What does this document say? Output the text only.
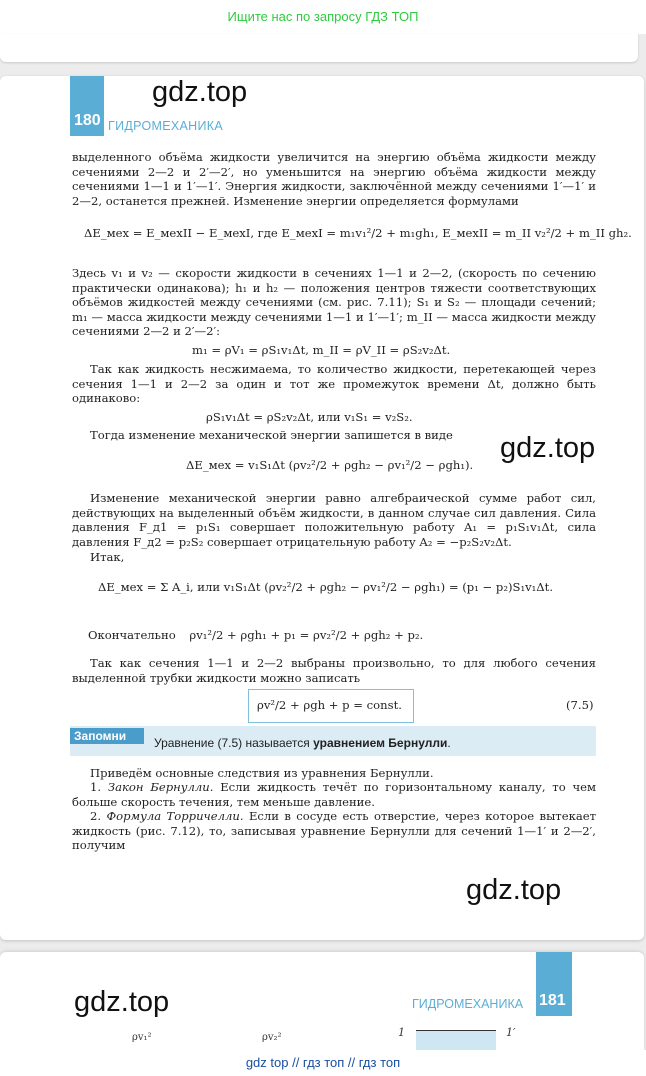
Ищите нас по запросу ГДЗ ТОП
180 ГИДРОМЕХАНИКА
gdz.top
выделенного объёма жидкости увеличится на энергию объёма жидкости между сечениями 2—2 и 2′—2′, но уменьшится на энергию объёма жидкости между сечениями 1—1 и 1′—1′. Энергия жидкости, заключённой между сечениями 1′—1′ и 2—2, останется прежней. Изменение энергии определяется формулами
ΔE_мех = E_мехII − E_мехI, где E_мехI = m₁v₁²/2 + m₁gh₁, E_мехII = m_II v₂²/2 + m_II gh₂.
Здесь v₁ и v₂ — скорости жидкости в сечениях 1—1 и 2—2, (скорость по сечению практически одинакова); h₁ и h₂ — положения центров тяжести соответствующих объёмов жидкостей между сечениями (см. рис. 7.11); S₁ и S₂ — площади сечений; m₁ — масса жидкости между сечениями 1—1 и 1′—1′; m_II — масса жидкости между сечениями 2—2 и 2′—2′:
m₁ = ρV₁ = ρS₁v₁Δt, m_II = ρV_II = ρS₂v₂Δt.
Так как жидкость несжимаема, то количество жидкости, перетекающей через сечения 1—1 и 2—2 за один и тот же промежуток времени Δt, должно быть одинаково:
ρS₁v₁Δt = ρS₂v₂Δt, или v₁S₁ = v₂S₂.
Тогда изменение механической энергии запишется в виде	gdz.top
ΔE_мех = v₁S₁Δt (ρv₂²/2 + ρgh₂ − ρv₁²/2 − ρgh₁).
Изменение механической энергии равно алгебраической сумме работ сил, действующих на выделенный объём жидкости, в данном случае сил давления. Сила давления F_д1 = p₁S₁ совершает положительную работу A₁ = p₁S₁v₁Δt, сила давления F_д2 = p₂S₂ совершает отрицательную работу A₂ = −p₂S₂v₂Δt.
Итак,
ΔE_мех = Σ A_i, или v₁S₁Δt (ρv₂²/2 + ρgh₂ − ρv₁²/2 − ρgh₁) = (p₁ − p₂)S₁v₁Δt.
Окончательно ρv₁²/2 + ρgh₁ + p₁ = ρv₂²/2 + ρgh₂ + p₂.
Так как сечения 1—1 и 2—2 выбраны произвольно, то для любого сечения выделенной трубки жидкости можно записать
ρv²/2 + ρgh + p = const.	(7.5)
Запомни	Уравнение (7.5) называется уравнением Бернулли.
Приведём основные следствия из уравнения Бернулли.
1. Закон Бернулли. Если жидкость течёт по горизонтальному каналу, то чем больше скорость течения, тем меньше давление.
2. Формула Торричелли. Если в сосуде есть отверстие, через которое вытекает жидкость (рис. 7.12), то, записывая уравнение Бернулли для сечений 1—1′ и 2—2′, получим
gdz.top
gdz.top	ГИДРОМЕХАНИКА 181
ρv₁²	ρv₂²	1	1′
gdz top // гдз топ // гдз топ
